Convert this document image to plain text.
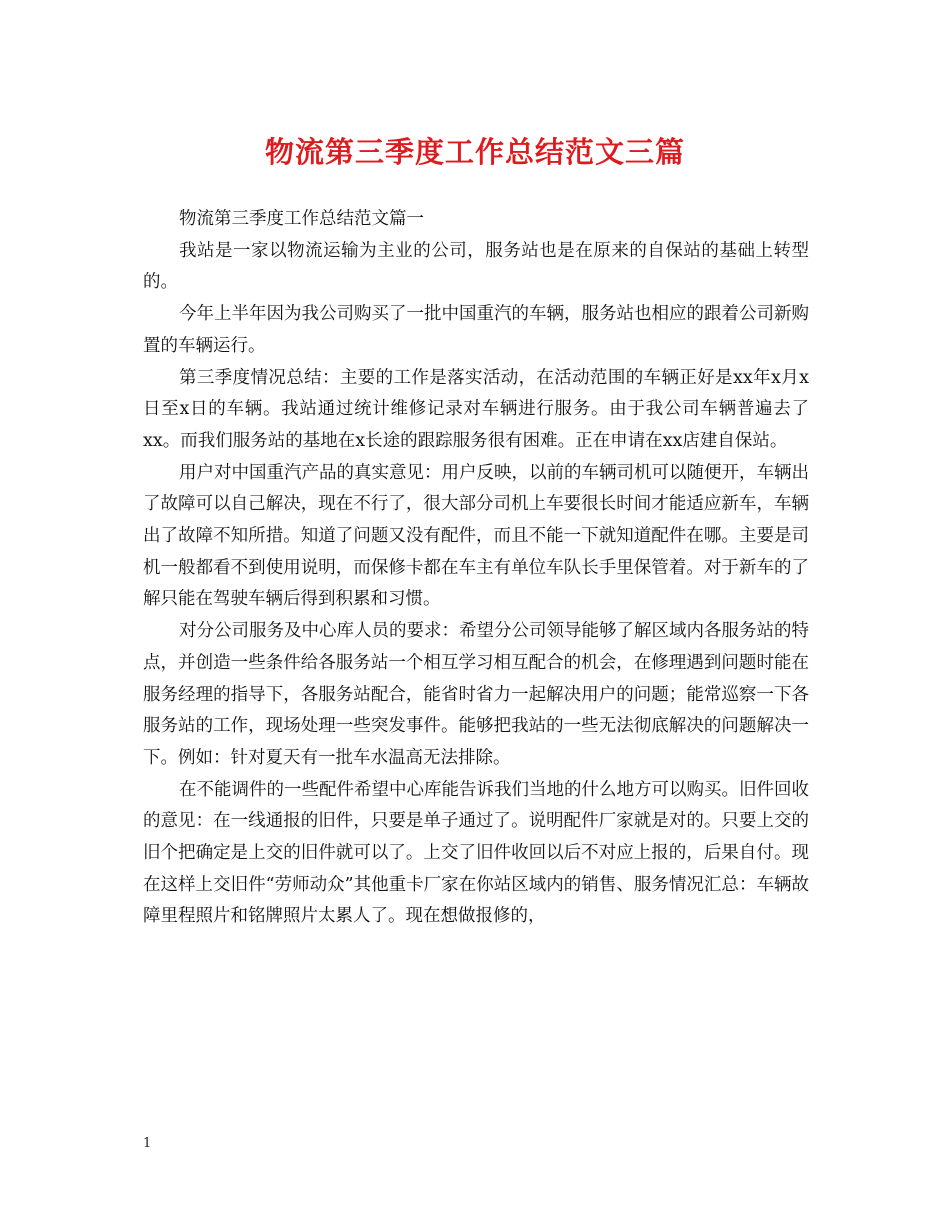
物流第三季度工作总结范文三篇

物流第三季度工作总结范文篇一

我站是一家以物流运输为主业的公司，服务站也是在原来的自保站的基础上转型的。

今年上半年因为我公司购买了一批中国重汽的车辆，服务站也相应的跟着公司新购置的车辆运行。

第三季度情况总结：主要的工作是落实活动，在活动范围的车辆正好是xx年x月x日至x日的车辆。我站通过统计维修记录对车辆进行服务。由于我公司车辆普遍去了xx。而我们服务站的基地在x长途的跟踪服务很有困难。正在申请在xx店建自保站。

用户对中国重汽产品的真实意见：用户反映，以前的车辆司机可以随便开，车辆出了故障可以自己解决，现在不行了，很大部分司机上车要很长时间才能适应新车，车辆出了故障不知所措。知道了问题又没有配件，而且不能一下就知道配件在哪。主要是司机一般都看不到使用说明，而保修卡都在车主有单位车队长手里保管着。对于新车的了解只能在驾驶车辆后得到积累和习惯。

对分公司服务及中心库人员的要求：希望分公司领导能够了解区域内各服务站的特点，并创造一些条件给各服务站一个相互学习相互配合的机会，在修理遇到问题时能在服务经理的指导下，各服务站配合，能省时省力一起解决用户的问题；能常巡察一下各服务站的工作，现场处理一些突发事件。能够把我站的一些无法彻底解决的问题解决一下。例如：针对夏天有一批车水温高无法排除。

在不能调件的一些配件希望中心库能告诉我们当地的什么地方可以购买。旧件回收的意见：在一线通报的旧件，只要是单子通过了。说明配件厂家就是对的。只要上交的旧个把确定是上交的旧件就可以了。上交了旧件收回以后不对应上报的，后果自付。现在这样上交旧件“劳师动众”其他重卡厂家在你站区域内的销售、服务情况汇总：车辆故障里程照片和铭牌照片太累人了。现在想做报修的，

1
